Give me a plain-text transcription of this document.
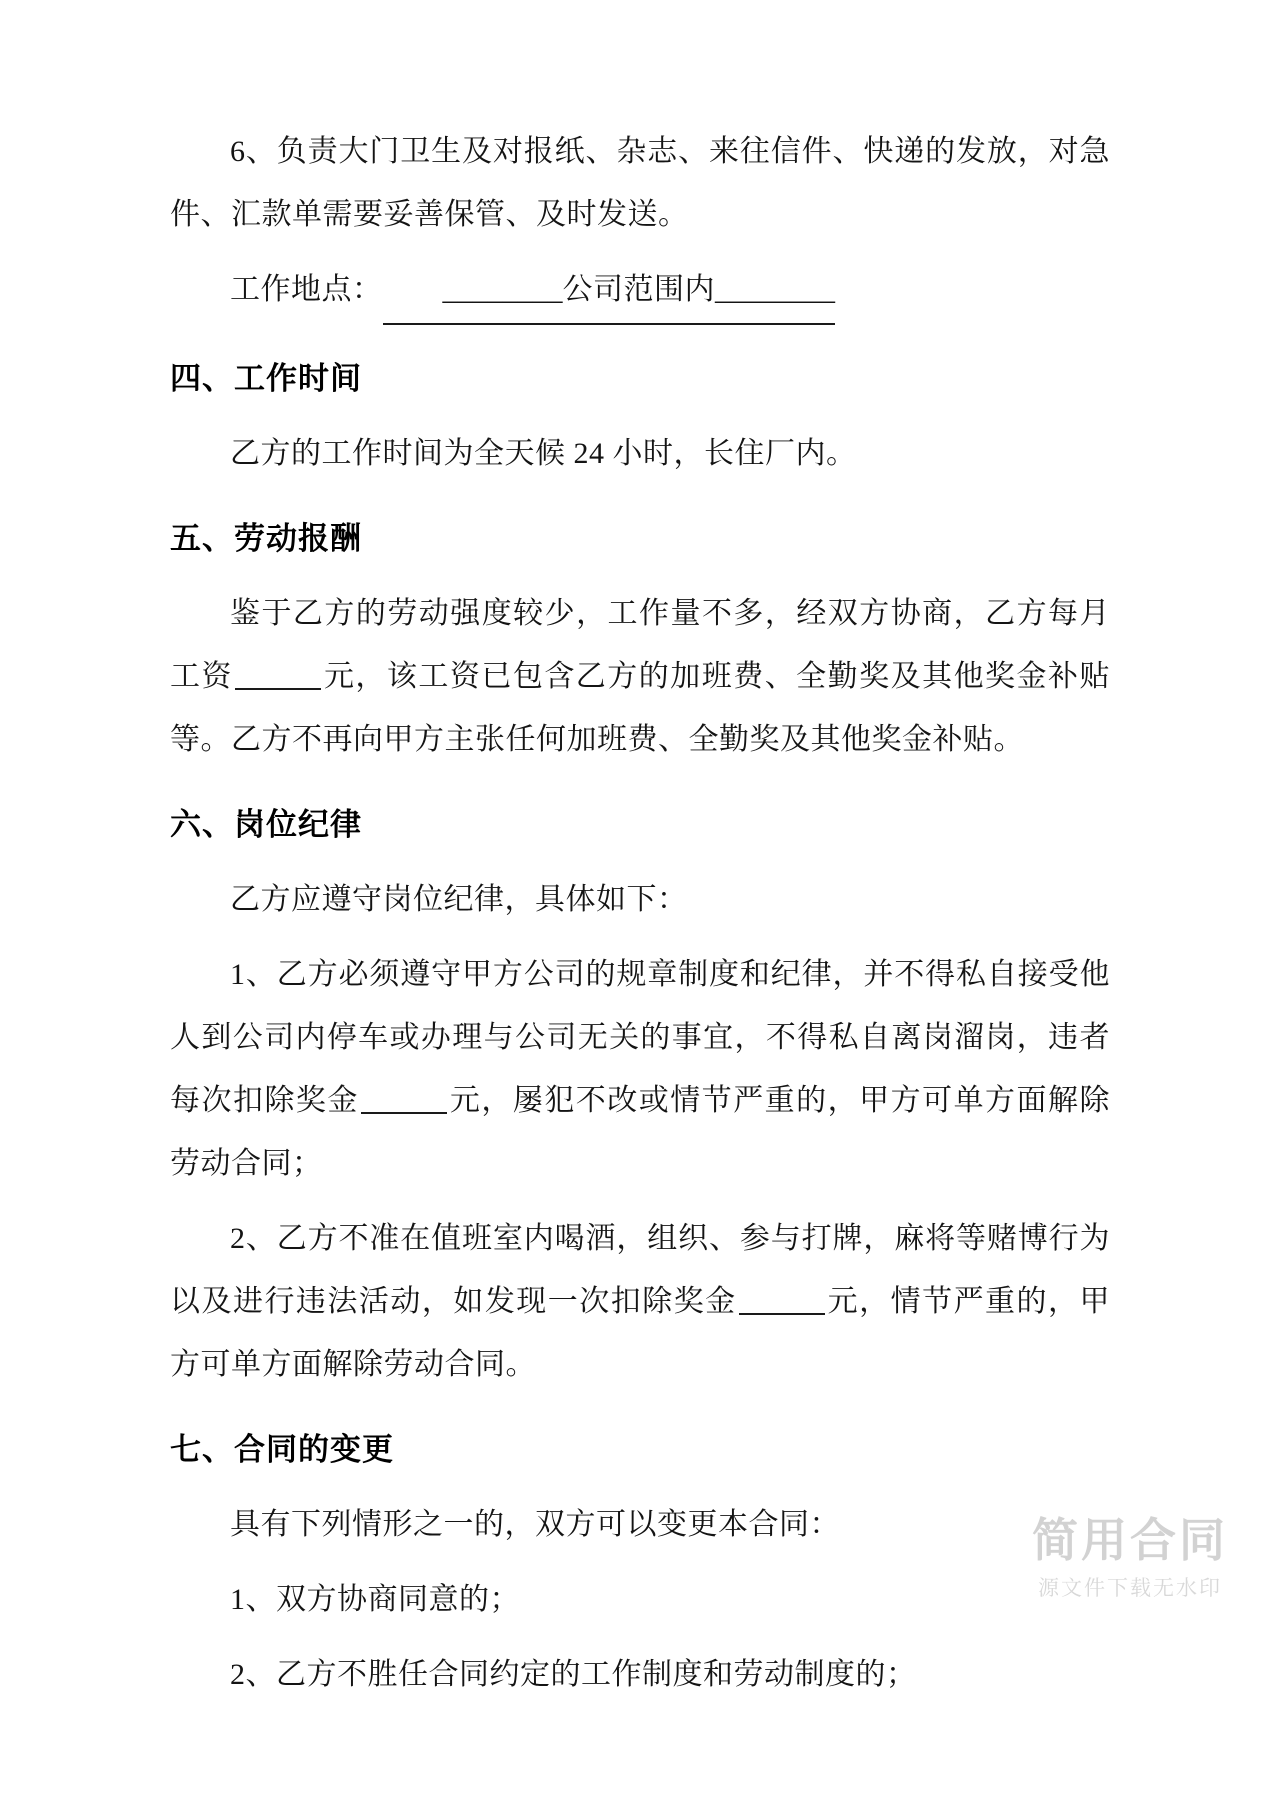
6、负责大门卫生及对报纸、杂志、来往信件、快递的发放，对急件、汇款单需要妥善保管、及时发送。

工作地点： ________公司范围内________

四、工作时间

乙方的工作时间为全天候 24 小时，长住厂内。

五、劳动报酬

鉴于乙方的劳动强度较少，工作量不多，经双方协商，乙方每月工资	元，该工资已包含乙方的加班费、全勤奖及其他奖金补贴等。乙方不再向甲方主张任何加班费、全勤奖及其他奖金补贴。

六、岗位纪律

乙方应遵守岗位纪律，具体如下：

1、乙方必须遵守甲方公司的规章制度和纪律，并不得私自接受他人到公司内停车或办理与公司无关的事宜，不得私自离岗溜岗，违者每次扣除奖金	元，屡犯不改或情节严重的，甲方可单方面解除劳动合同；

2、乙方不准在值班室内喝酒，组织、参与打牌，麻将等赌博行为以及进行违法活动，如发现一次扣除奖金	元，情节严重的，甲方可单方面解除劳动合同。

七、合同的变更

具有下列情形之一的，双方可以变更本合同：

1、双方协商同意的；

2、乙方不胜任合同约定的工作制度和劳动制度的；

简用合同
源文件下载无水印
